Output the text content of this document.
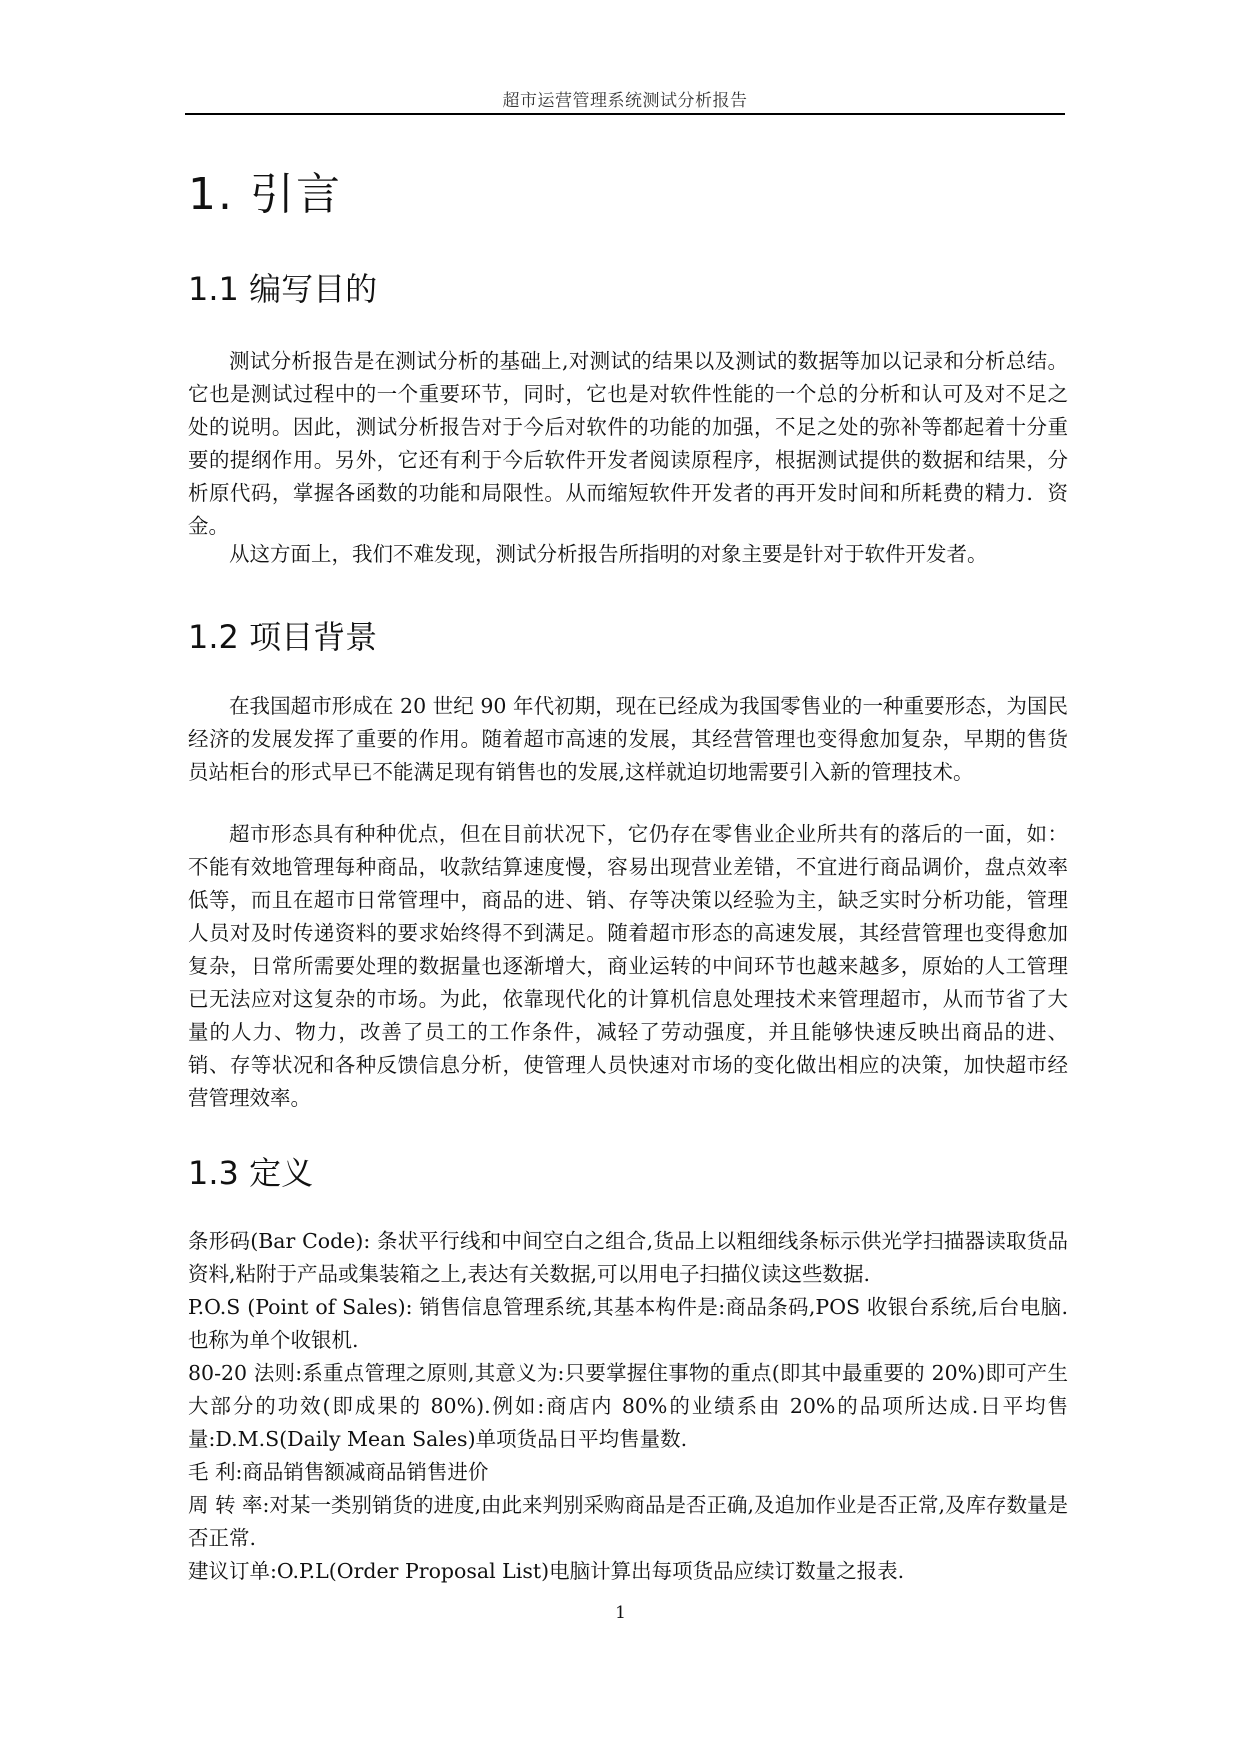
超市运营管理系统测试分析报告
1. 引言
1.1 编写目的
测试分析报告是在测试分析的基础上,对测试的结果以及测试的数据等加以记录和分析总结。它也是测试过程中的一个重要环节，同时，它也是对软件性能的一个总的分析和认可及对不足之处的说明。因此，测试分析报告对于今后对软件的功能的加强，不足之处的弥补等都起着十分重要的提纲作用。另外，它还有利于今后软件开发者阅读原程序，根据测试提供的数据和结果，分析原代码，掌握各函数的功能和局限性。从而缩短软件开发者的再开发时间和所耗费的精力．资金。
从这方面上，我们不难发现，测试分析报告所指明的对象主要是针对于软件开发者。
1.2 项目背景
在我国超市形成在 20 世纪 90 年代初期，现在已经成为我国零售业的一种重要形态，为国民经济的发展发挥了重要的作用。随着超市高速的发展，其经营管理也变得愈加复杂，早期的售货员站柜台的形式早已不能满足现有销售也的发展,这样就迫切地需要引入新的管理技术。
超市形态具有种种优点，但在目前状况下，它仍存在零售业企业所共有的落后的一面，如：不能有效地管理每种商品，收款结算速度慢，容易出现营业差错，不宜进行商品调价，盘点效率低等，而且在超市日常管理中，商品的进、销、存等决策以经验为主，缺乏实时分析功能，管理人员对及时传递资料的要求始终得不到满足。随着超市形态的高速发展，其经营管理也变得愈加复杂，日常所需要处理的数据量也逐渐增大，商业运转的中间环节也越来越多，原始的人工管理已无法应对这复杂的市场。为此，依靠现代化的计算机信息处理技术来管理超市，从而节省了大量的人力、物力，改善了员工的工作条件，减轻了劳动强度，并且能够快速反映出商品的进、销、存等状况和各种反馈信息分析，使管理人员快速对市场的变化做出相应的决策，加快超市经营管理效率。
1.3 定义
条形码(Bar Code): 条状平行线和中间空白之组合,货品上以粗细线条标示供光学扫描器读取货品资料,粘附于产品或集装箱之上,表达有关数据,可以用电子扫描仪读这些数据.
P.O.S (Point of Sales): 销售信息管理系统,其基本构件是:商品条码,POS 收银台系统,后台电脑.也称为单个收银机.
80-20 法则:系重点管理之原则,其意义为:只要掌握住事物的重点(即其中最重要的 20%)即可产生大部分的功效(即成果的 80%).例如:商店内 80%的业绩系由 20%的品项所达成.日平均售量:D.M.S(Daily Mean Sales)单项货品日平均售量数.
毛 利:商品销售额减商品销售进价
周 转 率:对某一类别销货的进度,由此来判别采购商品是否正确,及追加作业是否正常,及库存数量是否正常.
建议订单:O.P.L(Order Proposal List)电脑计算出每项货品应续订数量之报表.
1
